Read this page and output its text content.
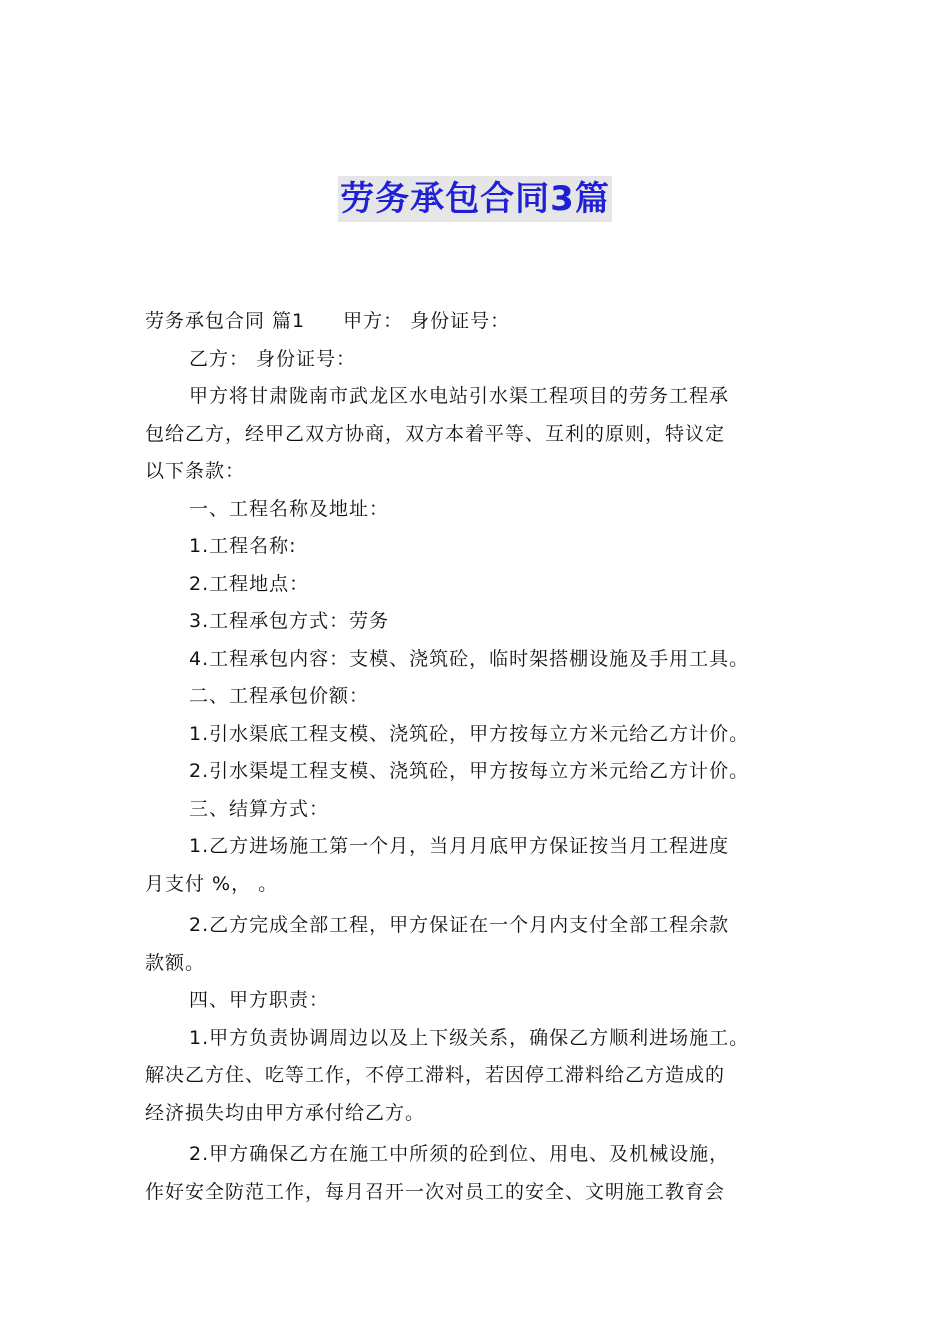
劳务承包合同3篇

劳务承包合同 篇1 甲方： 身份证号：

乙方： 身份证号：

甲方将甘肃陇南市武龙区水电站引水渠工程项目的劳务工程承

包给乙方，经甲乙双方协商，双方本着平等、互利的原则，特议定

以下条款：

一、工程名称及地址：

1.工程名称:

2.工程地点：

3.工程承包方式：劳务

4.工程承包内容：支模、浇筑砼，临时架搭棚设施及手用工具。

二、工程承包价额：

1.引水渠底工程支模、浇筑砼，甲方按每立方米元给乙方计价。

2.引水渠堤工程支模、浇筑砼，甲方按每立方米元给乙方计价。

三、结算方式：

1.乙方进场施工第一个月，当月月底甲方保证按当月工程进度

月支付 %， 。

2.乙方完成全部工程，甲方保证在一个月内支付全部工程余款

款额。

四、甲方职责：

1.甲方负责协调周边以及上下级关系，确保乙方顺利进场施工。

解决乙方住、吃等工作，不停工滞料，若因停工滞料给乙方造成的

经济损失均由甲方承付给乙方。

2.甲方确保乙方在施工中所须的砼到位、用电、及机械设施，

作好安全防范工作，每月召开一次对员工的安全、文明施工教育会
